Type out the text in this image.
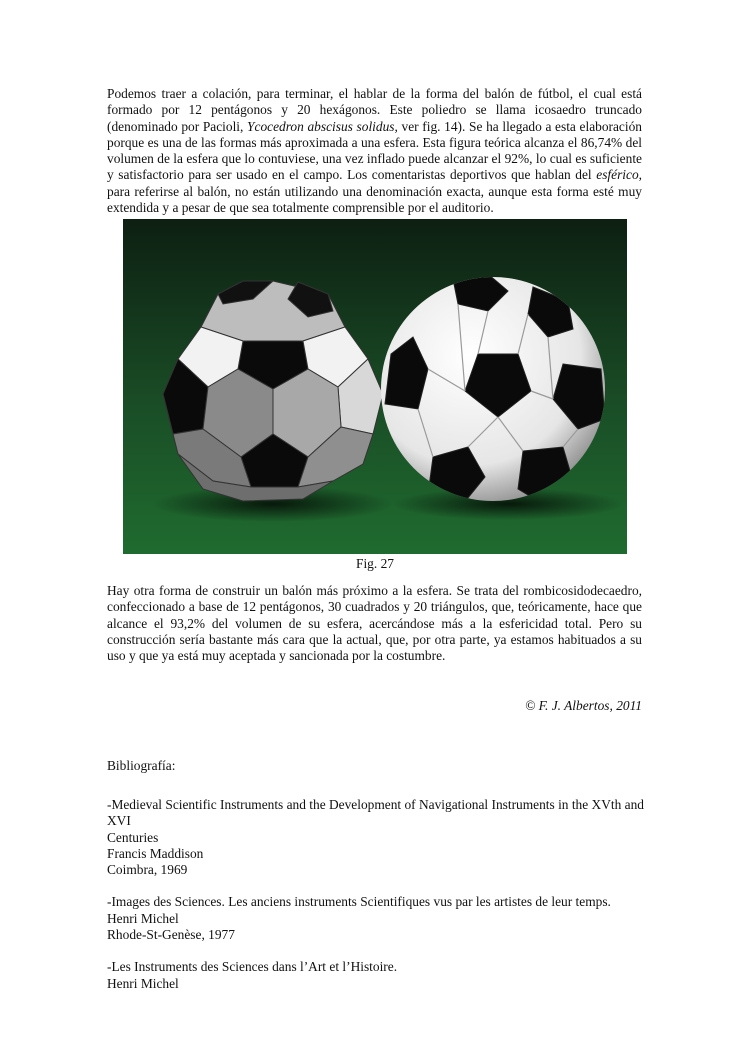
Podemos traer a colación, para terminar, el hablar de la forma del balón de fútbol, el cual está formado por 12 pentágonos y 20 hexágonos. Este poliedro se llama icosaedro truncado (denominado por Pacioli, Ycocedron abscisus solidus, ver fig. 14). Se ha llegado a esta elaboración porque es una de las formas más aproximada a una esfera. Esta figura teórica alcanza el 86,74% del volumen de la esfera que lo contuviese, una vez inflado puede alcanzar el 92%, lo cual es suficiente y satisfactorio para ser usado en el campo. Los comentaristas deportivos que hablan del esférico, para referirse al balón, no están utilizando una denominación exacta, aunque esta forma esté muy extendida y a pesar de que sea totalmente comprensible por el auditorio.

Fig. 27

Hay otra forma de construir un balón más próximo a la esfera. Se trata del rombicosidodecaedro, confeccionado a base de 12 pentágonos, 30 cuadrados y 20 triángulos, que, teóricamente, hace que alcance el 93,2% del volumen de su esfera, acercándose más a la esfericidad total. Pero su construcción sería bastante más cara que la actual, que, por otra parte, ya estamos habituados a su uso y que ya está muy aceptada y sancionada por la costumbre.

© F. J. Albertos, 2011
Bibliografía:
-Medieval Scientific Instruments and the Development of Navigational Instruments in the XVth and XVI
Centuries
Francis Maddison
Coimbra, 1969
-Images des Sciences. Les anciens instruments Scientifiques vus par les artistes de leur temps.
Henri Michel
Rhode-St-Genèse, 1977
-Les Instruments des Sciences dans l’Art et l’Histoire.
Henri Michel
